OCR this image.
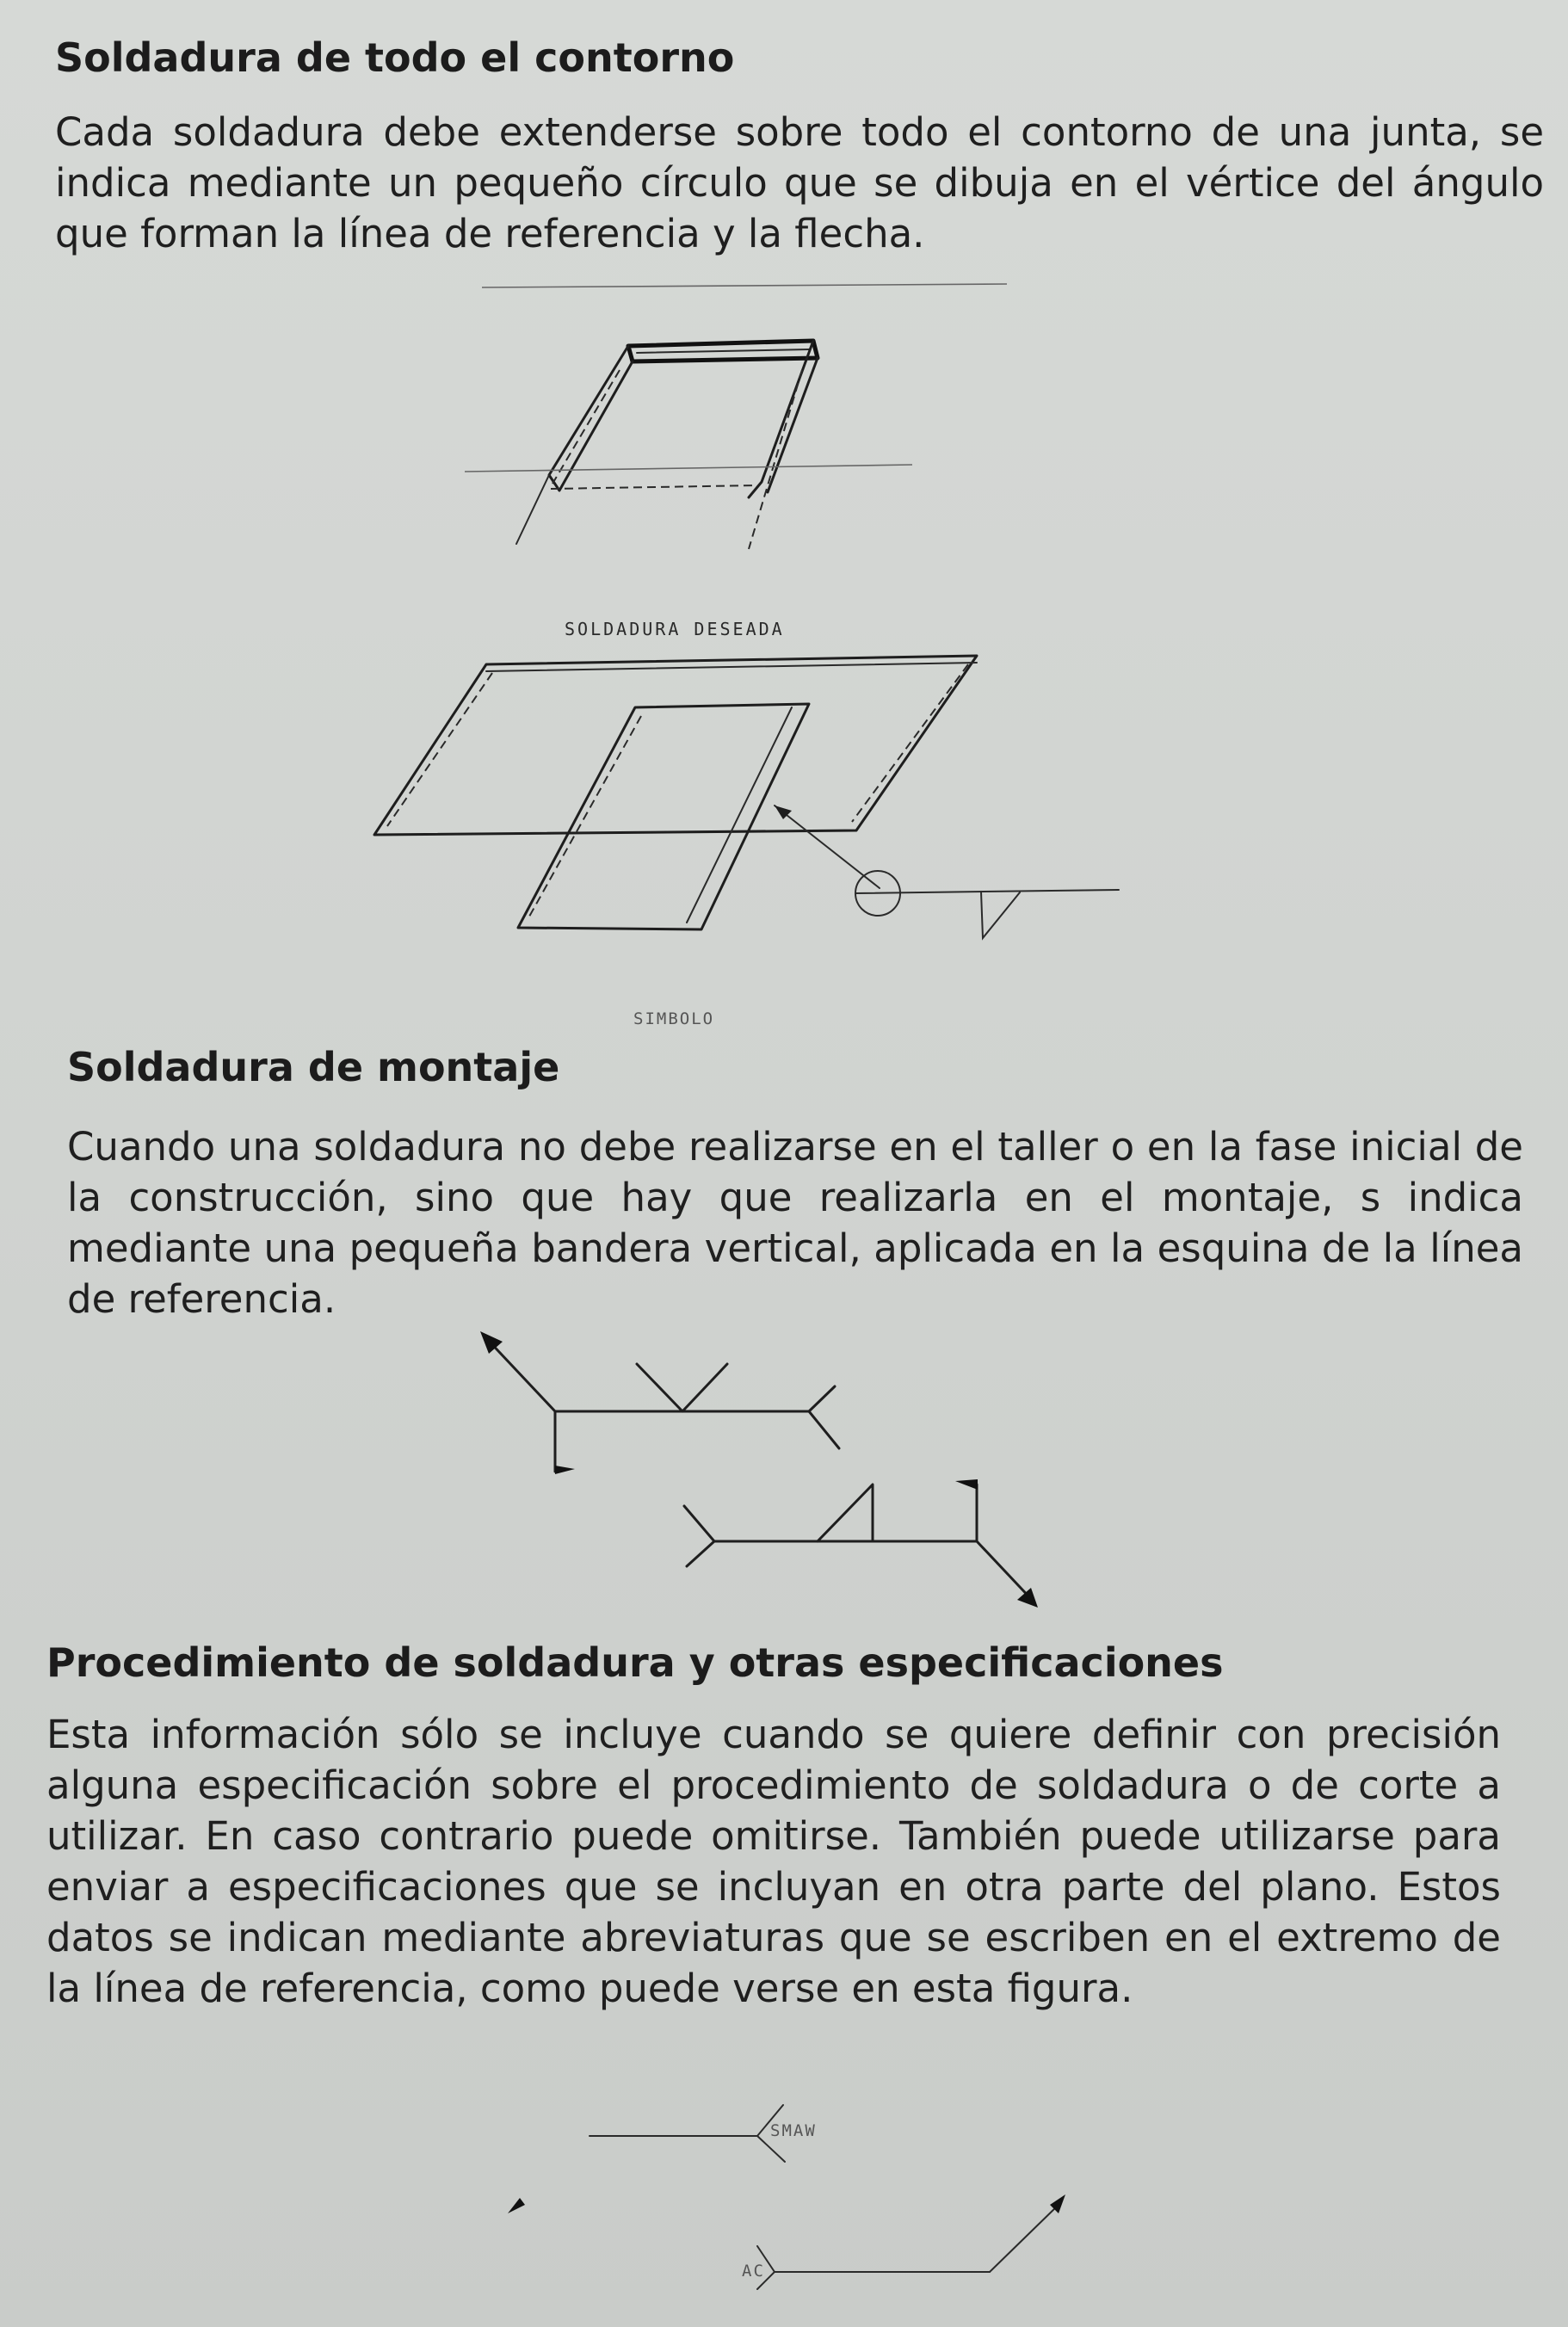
Soldadura de todo el contorno

Cada soldadura debe extenderse sobre todo el contorno de una junta, se indica mediante un pequeño círculo que se dibuja en el vértice del ángulo que forman la línea de referencia y la flecha.

SOLDADURA DESEADA
SIMBOLO
Soldadura de montaje

Cuando una soldadura no debe realizarse en el taller o en la fase inicial de la construcción, sino que hay que realizarla en el montaje, s indica mediante una pequeña bandera vertical, aplicada en la esquina de la línea de referencia.

Procedimiento de soldadura y otras especificaciones

Esta información sólo se incluye cuando se quiere definir con precisión alguna especificación sobre el procedimiento de soldadura o de corte a utilizar. En caso contrario puede omitirse. También puede utilizarse para enviar a especificaciones que se incluyan en otra parte del plano. Estos datos se indican mediante abreviaturas que se escriben en el extremo de la línea de referencia, como puede verse en esta figura.

SMAW
AC
